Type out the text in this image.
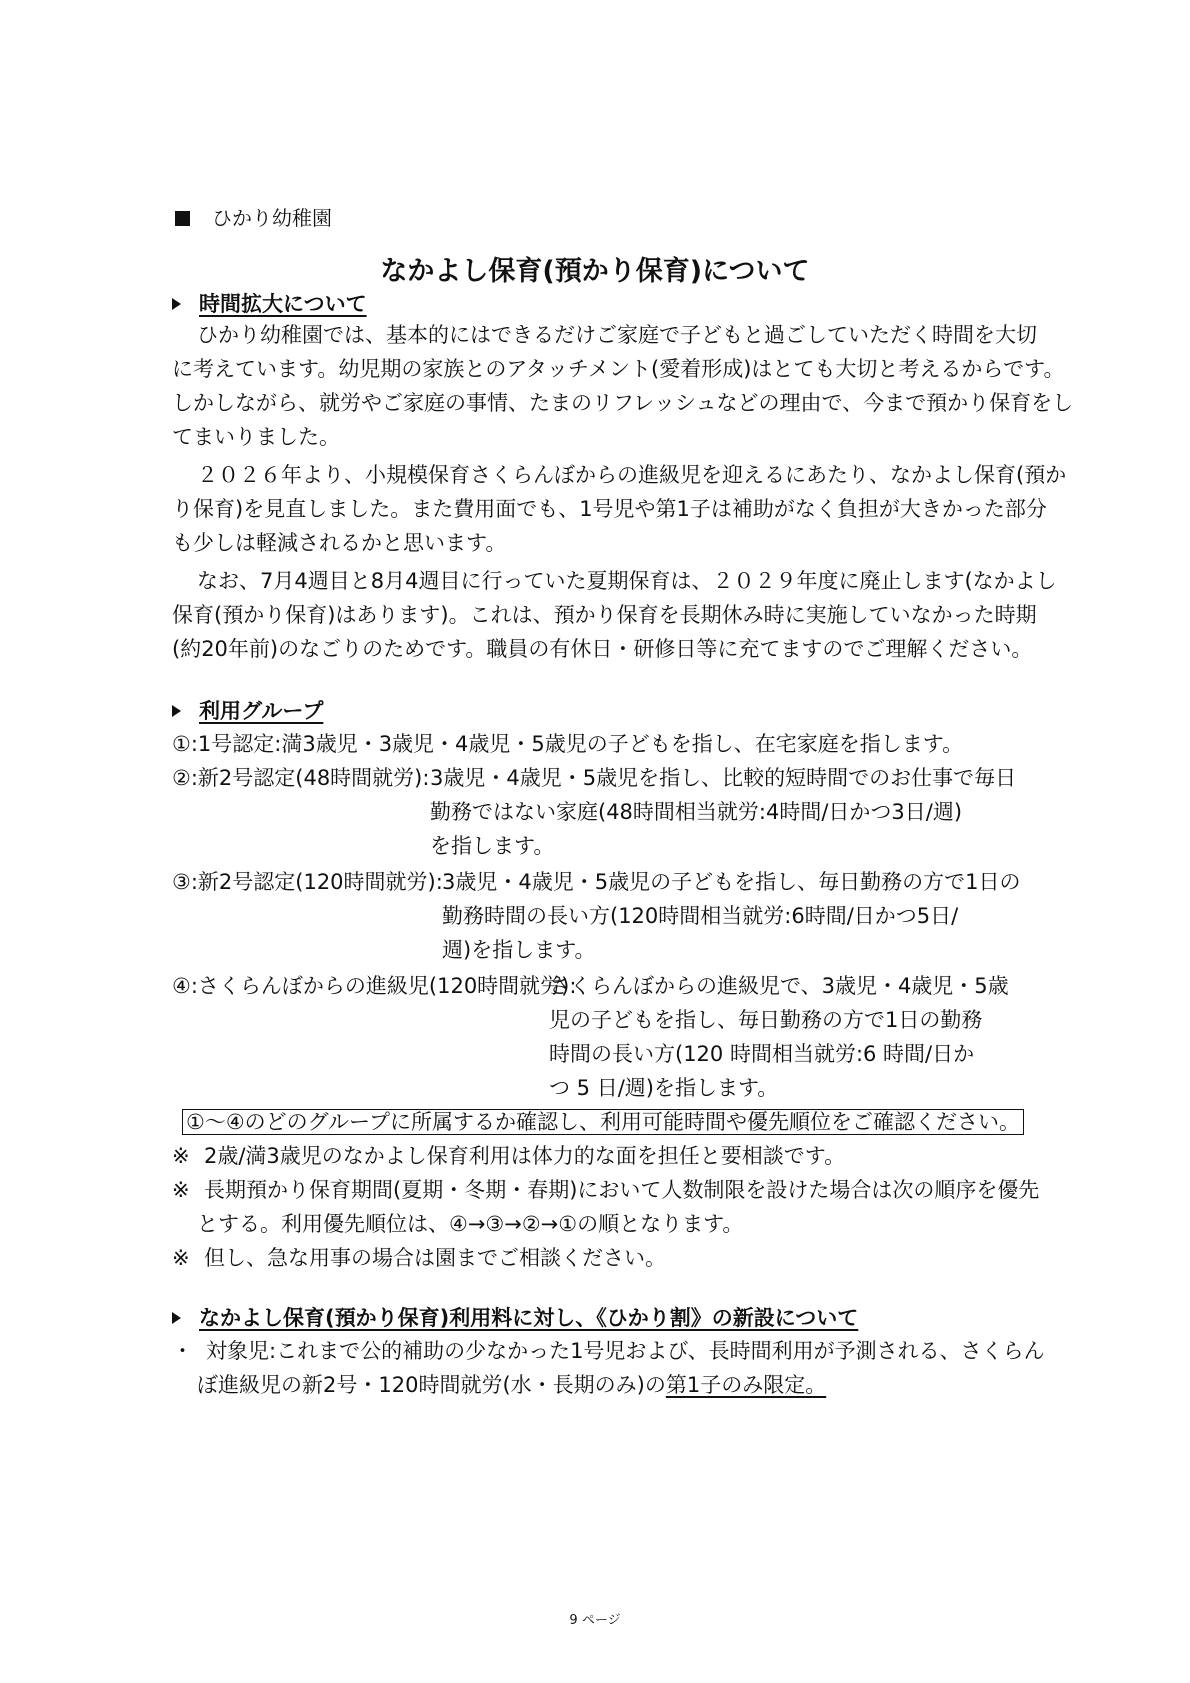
ひかり幼稚園
なかよし保育(預かり保育)について
時間拡大について
ひかり幼稚園では、基本的にはできるだけご家庭で子どもと過ごしていただく時間を大切
に考えています。幼児期の家族とのアタッチメント(愛着形成)はとても大切と考えるからです。
しかしながら、就労やご家庭の事情、たまのリフレッシュなどの理由で、今まで預かり保育をし
てまいりました。
２０２６年より、小規模保育さくらんぼからの進級児を迎えるにあたり、なかよし保育(預か
り保育)を見直しました。また費用面でも、1号児や第1子は補助がなく負担が大きかった部分
も少しは軽減されるかと思います。
なお、7月4週目と8月4週目に行っていた夏期保育は、２０２９年度に廃止します(なかよし
保育(預かり保育)はあります)。これは、預かり保育を長期休み時に実施していなかった時期
(約20年前)のなごりのためです。職員の有休日・研修日等に充てますのでご理解ください。
利用グループ
①:1号認定:満3歳児・3歳児・4歳児・5歳児の子どもを指し、在宅家庭を指します。
②:新2号認定(48時間就労): 3歳児・4歳児・5歳児を指し、比較的短時間でのお仕事で毎日
勤務ではない家庭(48時間相当就労:4時間/日かつ3日/週)
を指します。
③:新2号認定(120時間就労): 3歳児・4歳児・5歳児の子どもを指し、毎日勤務の方で1日の
勤務時間の長い方(120時間相当就労:6時間/日かつ5日/
週)を指します。
④:さくらんぼからの進級児(120時間就労):
さくらんぼからの進級児で、3歳児・4歳児・5歳
児の子どもを指し、毎日勤務の方で1日の勤務
時間の長い方(120 時間相当就労:6 時間/日か
つ 5 日/週)を指します。
①～④のどのグループに所属するか確認し、利用可能時間や優先順位をご確認ください。
※ 2歳/満3歳児のなかよし保育利用は体力的な面を担任と要相談です。
※ 長期預かり保育期間(夏期・冬期・春期)において人数制限を設けた場合は次の順序を優先
とする。利用優先順位は、④→③→②→①の順となります。
※ 但し、急な用事の場合は園までご相談ください。
なかよし保育(預かり保育)利用料に対し、《ひかり割》の新設について
・ 対象児:これまで公的補助の少なかった1号児および、長時間利用が予測される、さくらん
ぼ進級児の新2号・120時間就労(水・長期のみ)の第1子のみ限定。
9 ページ
